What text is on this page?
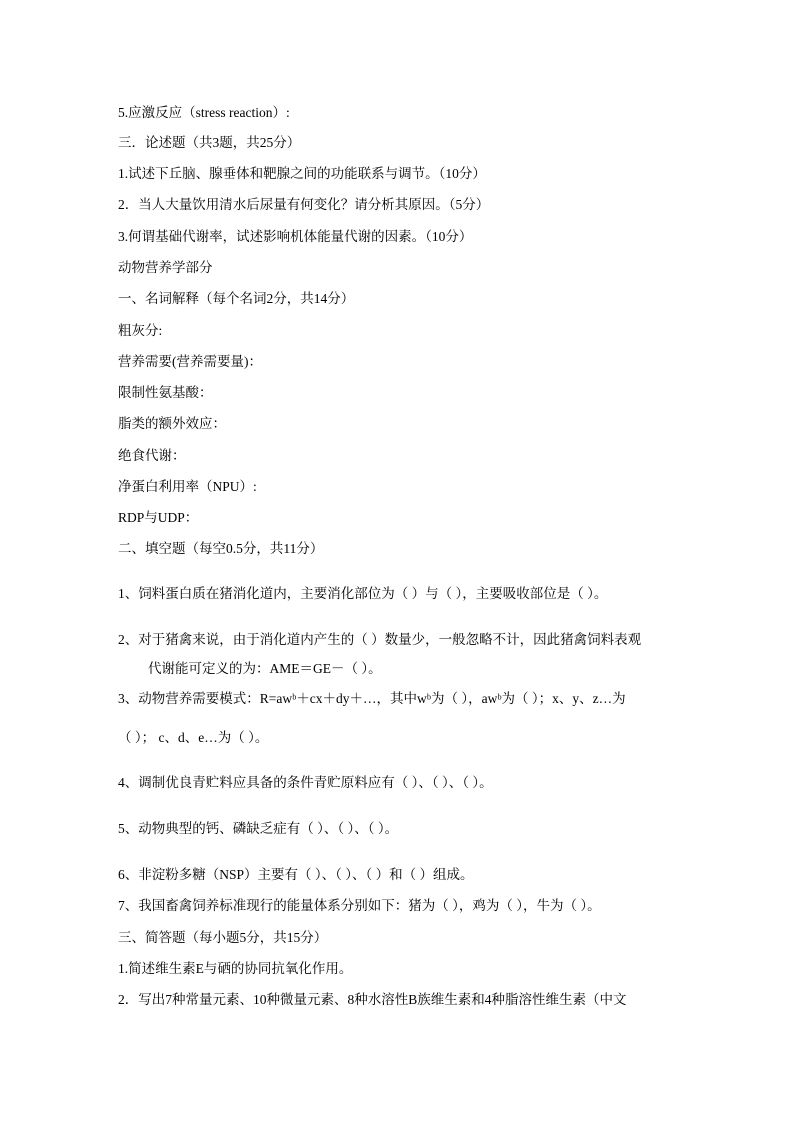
5.应激反应（stress reaction）:
三．论述题（共3题，共25分）
1.试述下丘脑、腺垂体和靶腺之间的功能联系与调节。（10分）
2．当人大量饮用清水后尿量有何变化？请分析其原因。（5分）
3.何谓基础代谢率，试述影响机体能量代谢的因素。（10分）
动物营养学部分
一、名词解释（每个名词2分，共14分）
粗灰分:
营养需要(营养需要量)：
限制性氨基酸：
脂类的额外效应：
绝食代谢：
净蛋白利用率（NPU）:
RDP与UDP：
二、填空题（每空0.5分，共11分）
1、饲料蛋白质在猪消化道内，主要消化部位为（ ）与（ ），主要吸收部位是（ ）。
2、对于猪禽来说，由于消化道内产生的（ ）数量少，一般忽略不计，因此猪禽饲料表观
代谢能可定义的为：AME＝GE－（ ）。
3、动物营养需要模式：R=awᵇ＋cx＋dy＋…，其中wᵇ为（ ），awᵇ为（ ）；x、y、z…为
（ ）； c、d、e…为（ ）。
4、调制优良青贮料应具备的条件青贮原料应有（ ）、（ ）、（ ）。
5、动物典型的钙、磷缺乏症有（ ）、（ ）、（ ）。
6、非淀粉多糖（NSP）主要有（ ）、（ ）、（ ）和（ ）组成。
7、我国畜禽饲养标准现行的能量体系分别如下：猪为（ ），鸡为（ ），牛为（ ）。
三、简答题（每小题5分，共15分）
1.简述维生素E与硒的协同抗氧化作用。
2．写出7种常量元素、10种微量元素、8种水溶性B族维生素和4种脂溶性维生素（中文
